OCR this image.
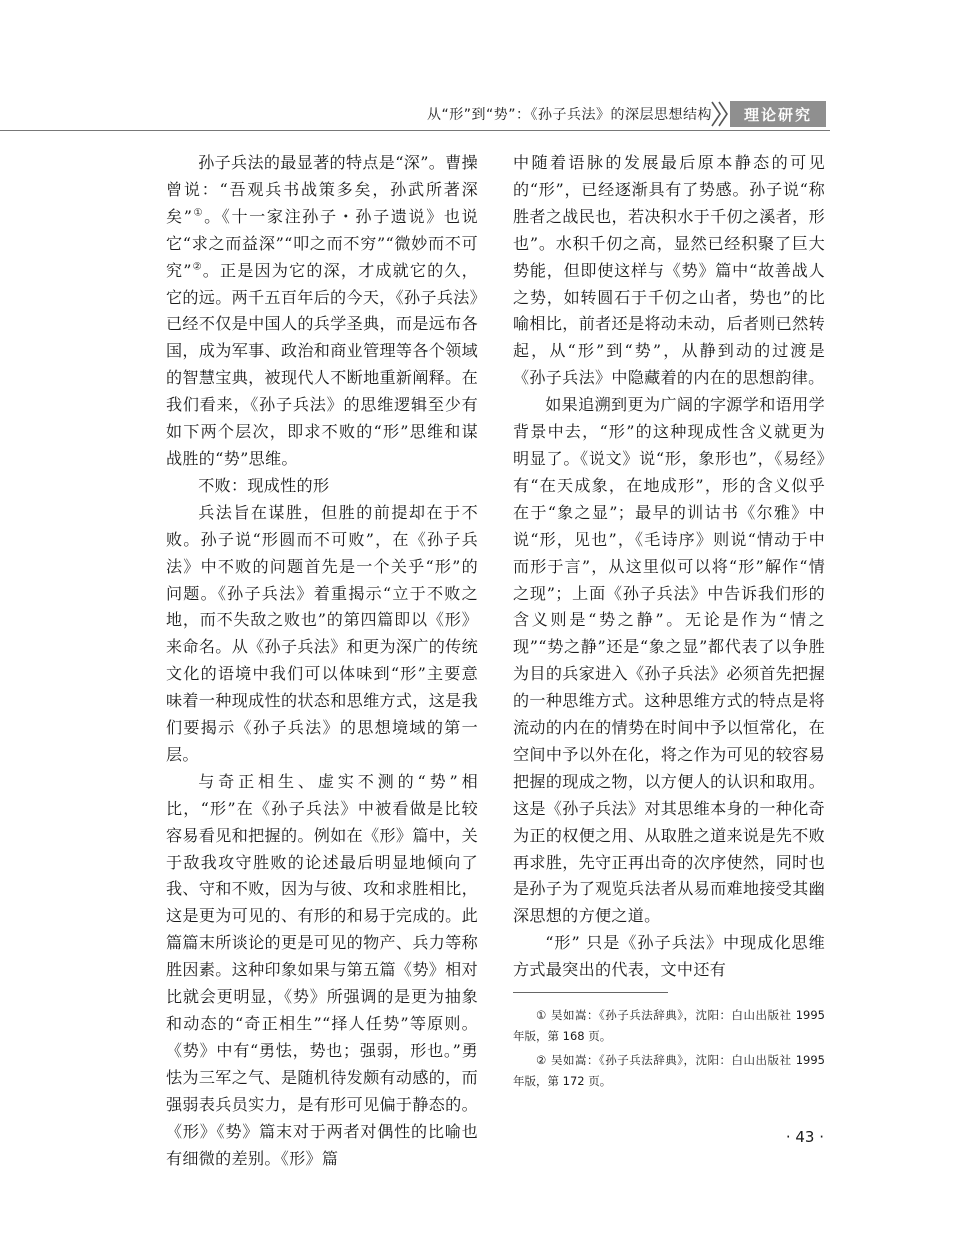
从“形”到“势”：《孙子兵法》的深层思想结构	理论研究

孙子兵法的最显著的特点是“深”。曹操曾说：“吾观兵书战策多矣，孙武所著深矣”①。《十一家注孙子・孙子遗说》也说它“求之而益深”“叩之而不穷”“微妙而不可究”②。正是因为它的深，才成就它的久，它的远。两千五百年后的今天，《孙子兵法》已经不仅是中国人的兵学圣典，而是远布各国，成为军事、政治和商业管理等各个领域的智慧宝典，被现代人不断地重新阐释。在我们看来，《孙子兵法》的思维逻辑至少有如下两个层次，即求不败的“形”思维和谋战胜的“势”思维。

不败：现成性的形

兵法旨在谋胜，但胜的前提却在于不败。孙子说“形圆而不可败”，在《孙子兵法》中不败的问题首先是一个关乎“形”的问题。《孙子兵法》着重揭示“立于不败之地，而不失敌之败也”的第四篇即以《形》来命名。从《孙子兵法》和更为深广的传统文化的语境中我们可以体味到“形”主要意味着一种现成性的状态和思维方式，这是我们要揭示《孙子兵法》的思想境域的第一层。

与奇正相生、虚实不测的“势”相比，“形”在《孙子兵法》中被看做是比较容易看见和把握的。例如在《形》篇中，关于敌我攻守胜败的论述最后明显地倾向了我、守和不败，因为与彼、攻和求胜相比，这是更为可见的、有形的和易于完成的。此篇篇末所谈论的更是可见的物产、兵力等称胜因素。这种印象如果与第五篇《势》相对比就会更明显，《势》所强调的是更为抽象和动态的“奇正相生”“择人任势”等原则。《势》中有“勇怯，势也；强弱，形也。”勇怯为三军之气、是随机待发颇有动感的，而强弱表兵员实力，是有形可见偏于静态的。《形》《势》篇末对于两者对偶性的比喻也有细微的差别。《形》篇

中随着语脉的发展最后原本静态的可见的“形”，已经逐渐具有了势感。孙子说“称胜者之战民也，若决积水于千仞之溪者，形也”。水积千仞之高，显然已经积聚了巨大势能，但即使这样与《势》篇中“故善战人之势，如转圆石于千仞之山者，势也”的比喻相比，前者还是将动未动，后者则已然转起，从“形”到“势”，从静到动的过渡是《孙子兵法》中隐藏着的内在的思想韵律。

如果追溯到更为广阔的字源学和语用学背景中去，“形”的这种现成性含义就更为明显了。《说文》说“形，象形也”，《易经》有“在天成象，在地成形”，形的含义似乎在于“象之显”；最早的训诂书《尔雅》中说“形，见也”，《毛诗序》则说“情动于中而形于言”，从这里似可以将“形”解作“情之现”；上面《孙子兵法》中告诉我们形的含义则是“势之静”。无论是作为“情之现”“势之静”还是“象之显”都代表了以争胜为目的兵家进入《孙子兵法》必须首先把握的一种思维方式。这种思维方式的特点是将流动的内在的情势在时间中予以恒常化，在空间中予以外在化，将之作为可见的较容易把握的现成之物，以方便人的认识和取用。这是《孙子兵法》对其思维本身的一种化奇为正的权便之用、从取胜之道来说是先不败再求胜，先守正再出奇的次序使然，同时也是孙子为了观览兵法者从易而难地接受其幽深思想的方便之道。

“形” 只是《孙子兵法》中现成化思维方式最突出的代表，文中还有

① 吴如嵩：《孙子兵法辞典》，沈阳：白山出版社 1995 年版，第 168 页。

② 吴如嵩：《孙子兵法辞典》，沈阳：白山出版社 1995 年版，第 172 页。

· 43 ·
